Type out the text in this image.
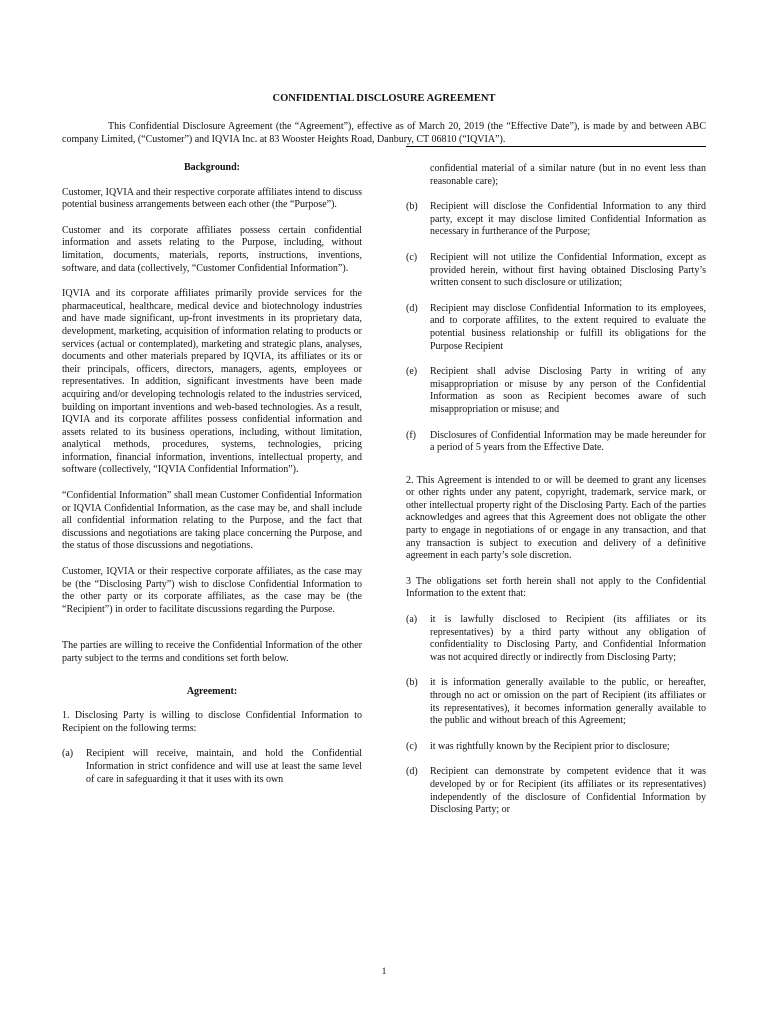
CONFIDENTIAL DISCLOSURE AGREEMENT
This Confidential Disclosure Agreement (the “Agreement”), effective as of March 20, 2019 (the “Effective Date”), is made by and between ABC company Limited, (“Customer”) and IQVIA Inc. at 83 Wooster Heights Road, Danbury, CT 06810 (“IQVIA”).

Background:

Customer, IQVIA and their respective corporate affiliates intend to discuss potential business arrangements between each other (the “Purpose”).

Customer and its corporate affiliates possess certain confidential information and assets relating to the Purpose, including, without limitation, documents, materials, reports, instructions, inventions, software, and data (collectively, “Customer Confidential Information”).

IQVIA and its corporate affiliates primarily provide services for the pharmaceutical, healthcare, medical device and biotechnology industries and have made significant, up-front investments in its proprietary data, development, marketing, acquisition of information relating to products or services (actual or contemplated), marketing and strategic plans, analyses, documents and other materials prepared by IQVIA, its affiliates or its or their principals, officers, directors, managers, agents, employees or representatives. In addition, significant investments have been made acquiring and/or developing technologis related to the industries serviced, building on important inventions and web-based technologies. As a result, IQVIA and its corporate affilites possess confidential information and assets related to its business operations, including, without limitation, analytical methods, procedures, systems, technologies, pricing information, financial information, inventions, intellectual property, and software (collectively, “IQVIA Confidential Information”).

“Confidential Information” shall mean Customer Confidential Information or IQVIA Confidential Information, as the case may be, and shall include all confidential information relating to the Purpose, and the fact that discussions and negotiations are taking place concerning the Purpose, and the status of those discussions and negotiations.

Customer, IQVIA or their respective corporate affiliates, as the case may be (the “Disclosing Party”) wish to disclose Confidential Information to the other party or its corporate affiliates, as the case may be (the “Recipient”) in order to facilitate discussions regarding the Purpose.

The parties are willing to receive the Confidential Information of the other party subject to the terms and conditions set forth below.

Agreement:

1. Disclosing Party is willing to disclose Confidential Information to Recipient on the following terms:

(a) Recipient will receive, maintain, and hold the Confidential Information in strict confidence and will use at least the same level of care in safeguarding it that it uses with its own
confidential material of a similar nature (but in no event less than reasonable care);
(b) Recipient will disclose the Confidential Information to any third party, except it may disclose limited Confidential Information as necessary in furtherance of the Purpose;
(c) Recipient will not utilize the Confidential Information, except as provided herein, without first having obtained Disclosing Party’s written consent to such disclosure or utilization;
(d) Recipient may disclose Confidential Information to its employees, and to corporate affilites, to the extent required to evaluate the potential business relationship or fulfill its obligations for the Purpose Recipient
(e) Recipient shall advise Disclosing Party in writing of any misappropriation or misuse by any person of the Confidential Information as soon as Recipient becomes aware of such misappropriation or misuse; and
(f) Disclosures of Confidential Information may be made hereunder for a period of 5 years from the Effective Date.

2. This Agreement is intended to or will be deemed to grant any licenses or other rights under any patent, copyright, trademark, service mark, or other intellectual property right of the Disclosing Party. Each of the parties acknowledges and agrees that this Agreement does not obligate the other party to engage in negotiations of or engage in any transaction, and that any transaction is subject to execution and delivery of a definitive agreement in each party’s sole discretion.

3 The obligations set forth herein shall not apply to the Confidential Information to the extent that:

(a) it is lawfully disclosed to Recipient (its affiliates or its representatives) by a third party without any obligation of confidentiality to Disclosing Party, and Confidential Information was not acquired directly or indirectly from Disclosing Party;
(b) it is information generally available to the public, or hereafter, through no act or omission on the part of Recipient (its affiliates or its representatives), it becomes information generally available to the public and without breach of this Agreement;
(c) it was rightfully known by the Recipient prior to disclosure;
(d) Recipient can demonstrate by competent evidence that it was developed by or for Recipient (its affiliates or its representatives) independently of the disclosure of Confidential Information by Disclosing Party; or
1
